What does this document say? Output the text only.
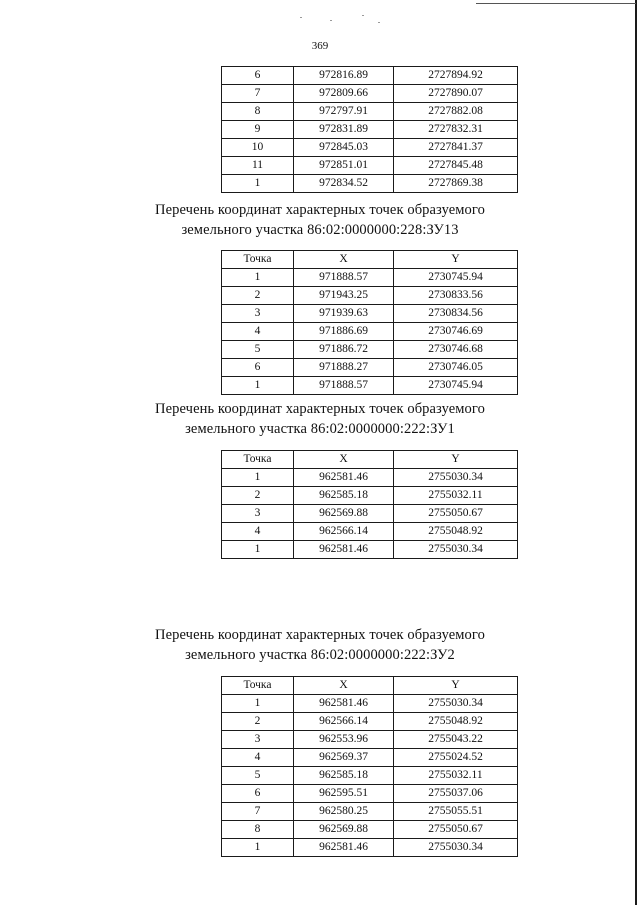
369
6	972816.89	2727894.92
7	972809.66	2727890.07
8	972797.91	2727882.08
9	972831.89	2727832.31
10	972845.03	2727841.37
11	972851.01	2727845.48
1	972834.52	2727869.38
Перечень координат характерных точек образуемого
земельного участка 86:02:0000000:228:ЗУ13
Точка	X	Y
1	971888.57	2730745.94
2	971943.25	2730833.56
3	971939.63	2730834.56
4	971886.69	2730746.69
5	971886.72	2730746.68
6	971888.27	2730746.05
1	971888.57	2730745.94
Перечень координат характерных точек образуемого
земельного участка 86:02:0000000:222:ЗУ1
Точка	X	Y
1	962581.46	2755030.34
2	962585.18	2755032.11
3	962569.88	2755050.67
4	962566.14	2755048.92
1	962581.46	2755030.34
Перечень координат характерных точек образуемого
земельного участка 86:02:0000000:222:ЗУ2
Точка	X	Y
1	962581.46	2755030.34
2	962566.14	2755048.92
3	962553.96	2755043.22
4	962569.37	2755024.52
5	962585.18	2755032.11
6	962595.51	2755037.06
7	962580.25	2755055.51
8	962569.88	2755050.67
1	962581.46	2755030.34
